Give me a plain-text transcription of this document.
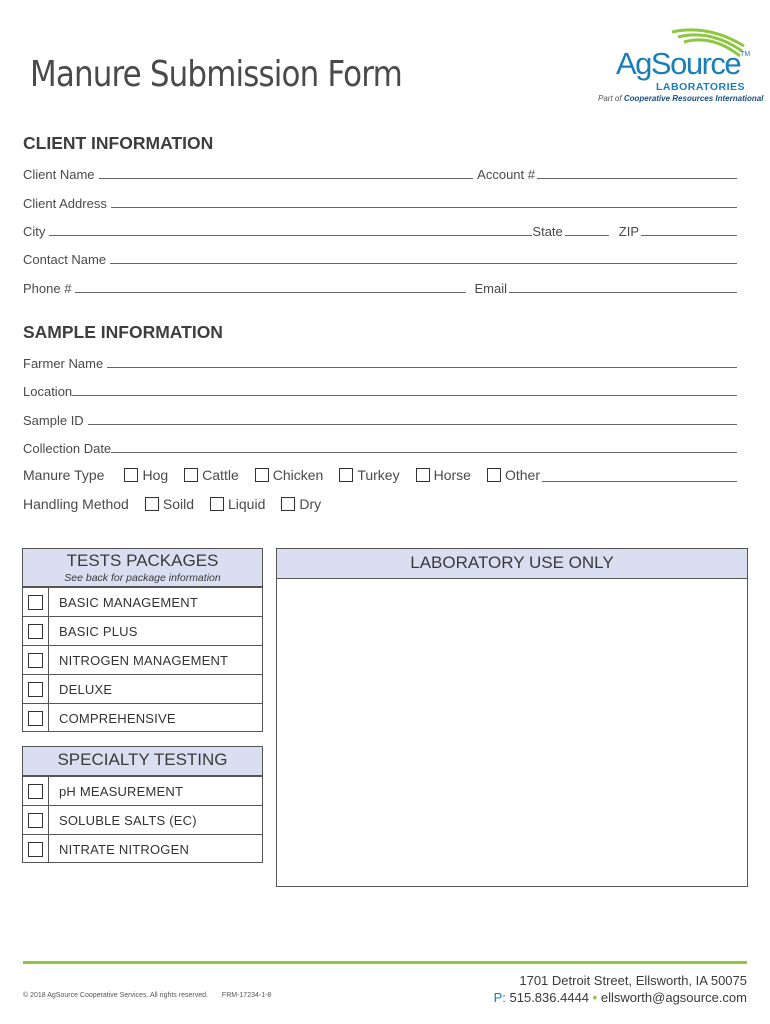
Manure Submission Form	AgSource™
LABORATORIES
Part of Cooperative Resources International
CLIENT INFORMATION
Client Name	Account #
Client Address
City	State	ZIP
Contact Name
Phone #	Email
SAMPLE INFORMATION
Farmer Name
Location
Sample ID
Collection Date
Manure Type	Hog Cattle Chicken Turkey Horse Other
Handling Method Soild Liquid Dry
TESTS PACKAGES
See back for package information
BASIC MANAGEMENT
BASIC PLUS
NITROGEN MANAGEMENT
DELUXE
COMPREHENSIVE
SPECIALTY TESTING
pH MEASUREMENT
SOLUBLE SALTS (EC)
NITRATE NITROGEN
LABORATORY USE ONLY
© 2018 AgSource Cooperative Services. All rights reserved. FRM-17234-1-8
1701 Detroit Street, Ellsworth, IA 50075
P: 515.836.4444 • ellsworth@agsource.com
